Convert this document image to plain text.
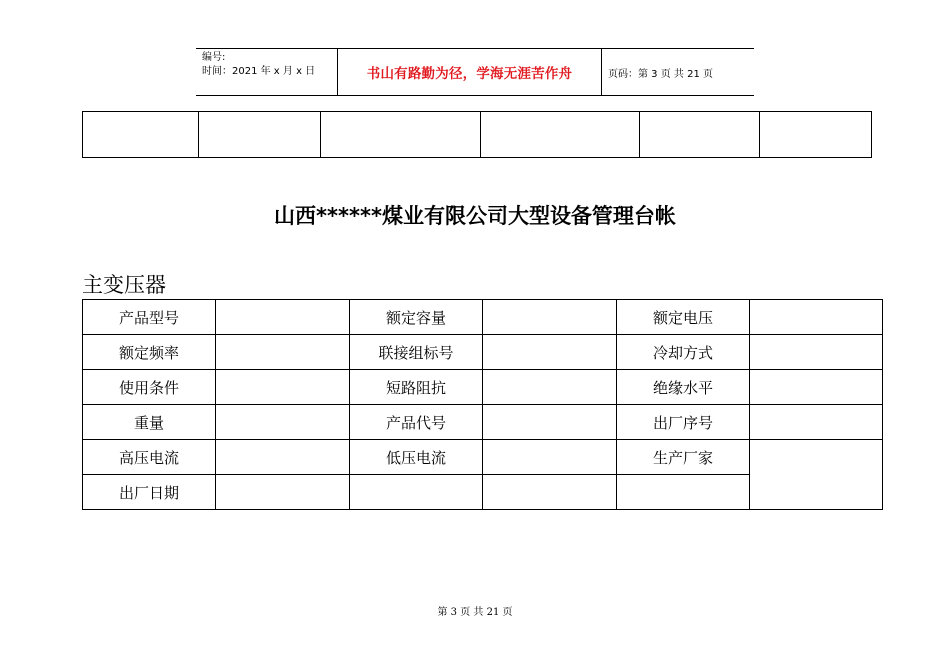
编号:
时间：2021 年 x 月 x 日	书山有路勤为径，学海无涯苦作舟	页码：第 3 页 共 21 页

山西******煤业有限公司大型设备管理台帐
主变压器
产品型号		额定容量		额定电压	
额定频率		联接组标号		冷却方式	
使用条件		短路阻抗		绝缘水平	
重量		产品代号		出厂序号	
高压电流		低压电流		生产厂家	
出厂日期					
第 3 页 共 21 页
